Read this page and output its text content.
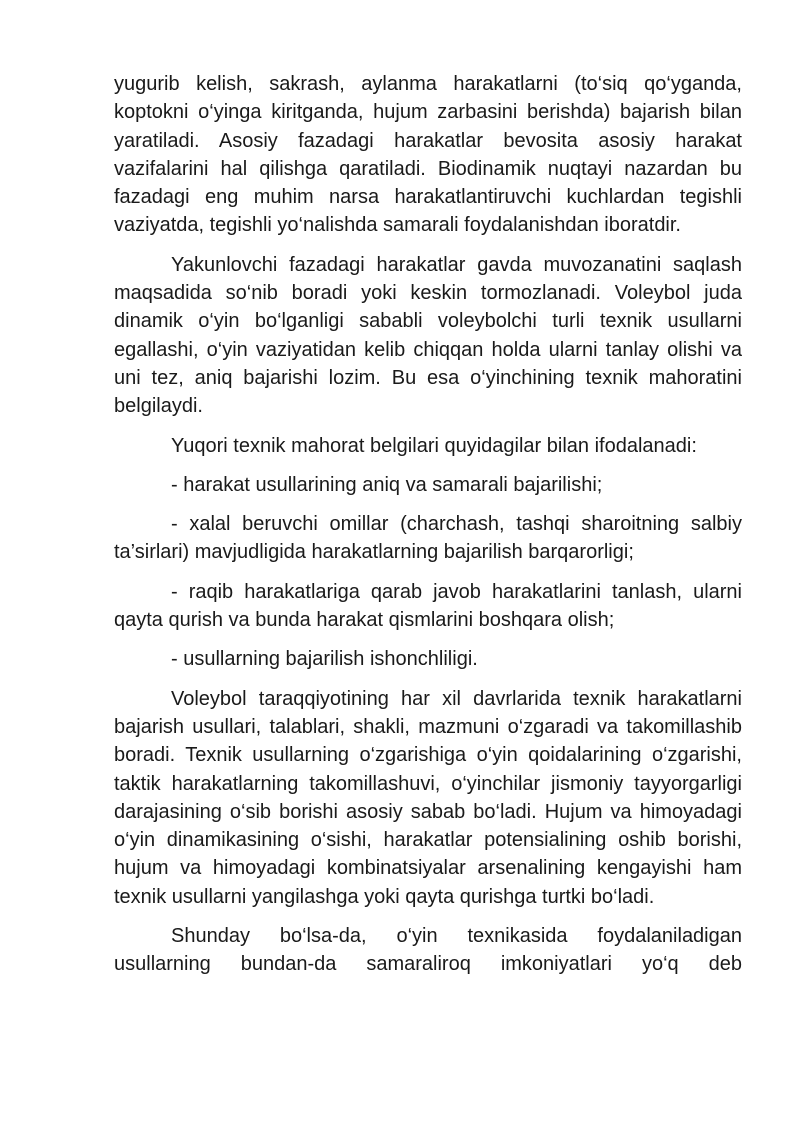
yugurib kelish, sakrash, aylanma harakatlarni (to‘siq qo‘yganda, koptokni o‘yinga kiritganda, hujum zarbasini berishda) bajarish bilan yaratiladi. Asosiy fazadagi harakatlar bevosita asosiy harakat vazifalarini hal qilishga qaratiladi. Biodinamik nuqtayi nazardan bu fazadagi eng muhim narsa harakatlantiruvchi kuchlardan tegishli vaziyatda, tegishli yo‘nalishda samarali foydalanishdan iboratdir.

Yakunlovchi fazadagi harakatlar gavda muvozanatini saqlash maqsadida so‘nib boradi yoki keskin tormozlanadi. Voleybol juda dinamik o‘yin bo‘lganligi sababli voleybolchi turli texnik usullarni egallashi, o‘yin vaziyatidan kelib chiqqan holda ularni tanlay olishi va uni tez, aniq bajarishi lozim. Bu esa o‘yinchining texnik mahoratini belgilaydi.

Yuqori texnik mahorat belgilari quyidagilar bilan ifodalanadi:

- harakat usullarining aniq va samarali bajarilishi;

- xalal beruvchi omillar (charchash, tashqi sharoitning salbiy ta’sirlari) mavjudligida harakatlarning bajarilish barqarorligi;

- raqib harakatlariga qarab javob harakatlarini tanlash, ularni qayta qurish va bunda harakat qismlarini boshqara olish;

- usullarning bajarilish ishonchliligi.

Voleybol taraqqiyotining har xil davrlarida texnik harakatlarni bajarish usullari, talablari, shakli, mazmuni o‘zgaradi va takomillashib boradi. Texnik usullarning o‘zgarishiga o‘yin qoidalarining o‘zgarishi, taktik harakatlarning takomillashuvi, o‘yinchilar jismoniy tayyorgarligi darajasining o‘sib borishi asosiy sabab bo‘ladi. Hujum va himoyadagi o‘yin dinamikasining o‘sishi, harakatlar potensialining oshib borishi, hujum va himoyadagi kombinatsiyalar arsenalining kengayishi ham texnik usullarni yangilashga yoki qayta qurishga turtki bo‘ladi.

Shunday bo‘lsa-da, o‘yin texnikasida foydalaniladigan usullarning bundan-da samaraliroq imkoniyatlari yo‘q deb
